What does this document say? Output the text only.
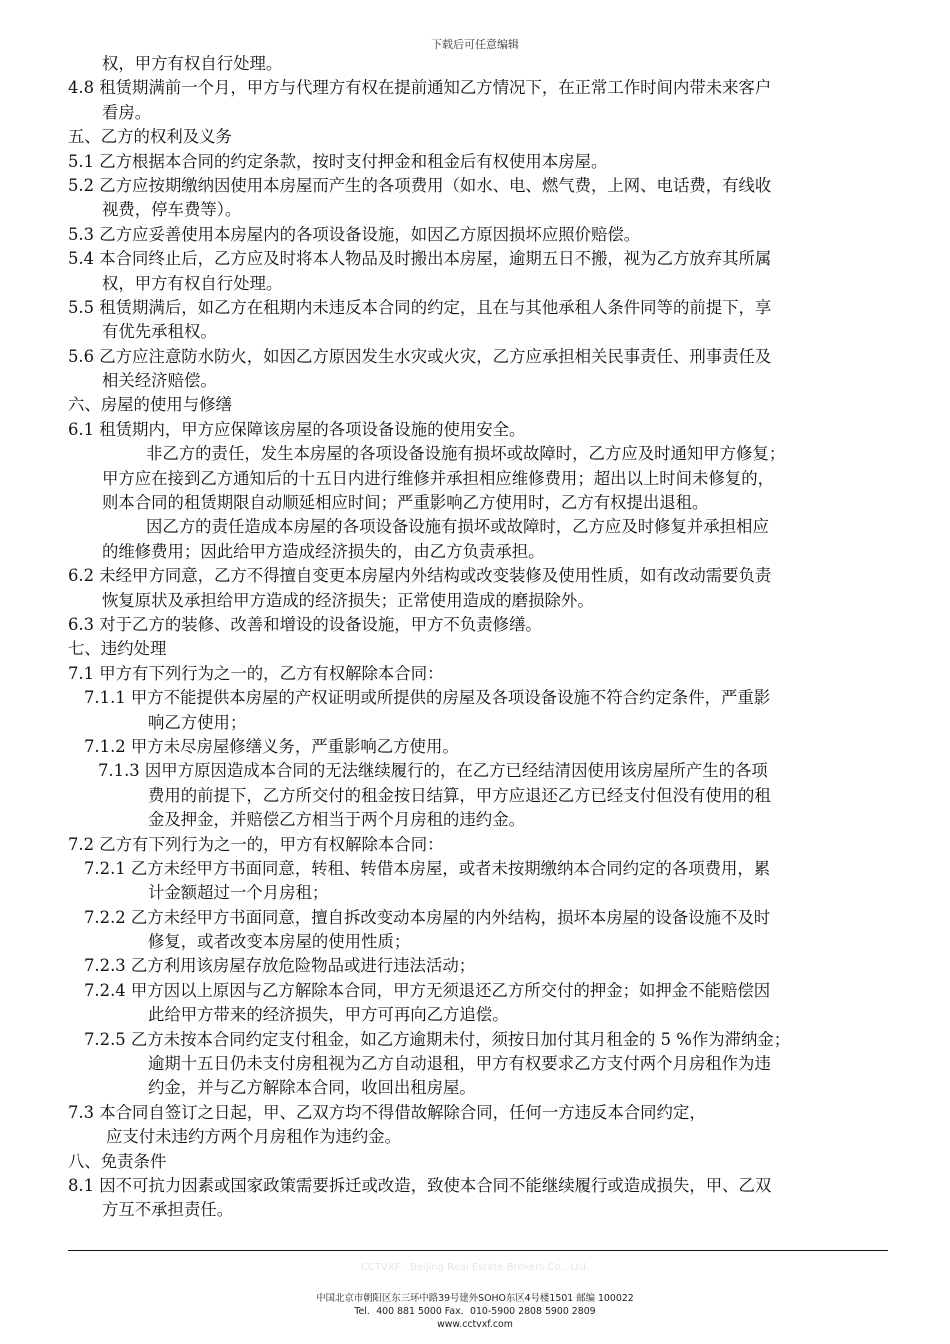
下载后可任意编辑
权，甲方有权自行处理。
4.8 租赁期满前一个月，甲方与代理方有权在提前通知乙方情况下，在正常工作时间内带未来客户
看房。
五、乙方的权利及义务
5.1 乙方根据本合同的约定条款，按时支付押金和租金后有权使用本房屋。
5.2 乙方应按期缴纳因使用本房屋而产生的各项费用（如水、电、燃气费，上网、电话费，有线收
视费，停车费等）。
5.3 乙方应妥善使用本房屋内的各项设备设施，如因乙方原因损坏应照价赔偿。
5.4 本合同终止后，乙方应及时将本人物品及时搬出本房屋，逾期五日不搬，视为乙方放弃其所属
权，甲方有权自行处理。
5.5 租赁期满后，如乙方在租期内未违反本合同的约定，且在与其他承租人条件同等的前提下，享
有优先承租权。
5.6 乙方应注意防水防火，如因乙方原因发生水灾或火灾，乙方应承担相关民事责任、刑事责任及
相关经济赔偿。
六、房屋的使用与修缮
6.1 租赁期内，甲方应保障该房屋的各项设备设施的使用安全。
非乙方的责任，发生本房屋的各项设备设施有损坏或故障时，乙方应及时通知甲方修复；
甲方应在接到乙方通知后的十五日内进行维修并承担相应维修费用；超出以上时间未修复的，
则本合同的租赁期限自动顺延相应时间；严重影响乙方使用时，乙方有权提出退租。
因乙方的责任造成本房屋的各项设备设施有损坏或故障时，乙方应及时修复并承担相应
的维修费用；因此给甲方造成经济损失的，由乙方负责承担。
6.2 未经甲方同意，乙方不得擅自变更本房屋内外结构或改变装修及使用性质，如有改动需要负责
恢复原状及承担给甲方造成的经济损失；正常使用造成的磨损除外。
6.3 对于乙方的装修、改善和增设的设备设施，甲方不负责修缮。
七、违约处理
7.1 甲方有下列行为之一的，乙方有权解除本合同：
7.1.1 甲方不能提供本房屋的产权证明或所提供的房屋及各项设备设施不符合约定条件，严重影
响乙方使用；
7.1.2 甲方未尽房屋修缮义务，严重影响乙方使用。
7.1.3 因甲方原因造成本合同的无法继续履行的，在乙方已经结清因使用该房屋所产生的各项
费用的前提下，乙方所交付的租金按日结算，甲方应退还乙方已经支付但没有使用的租
金及押金，并赔偿乙方相当于两个月房租的违约金。
7.2 乙方有下列行为之一的，甲方有权解除本合同：
7.2.1 乙方未经甲方书面同意，转租、转借本房屋，或者未按期缴纳本合同约定的各项费用，累
计金额超过一个月房租；
7.2.2 乙方未经甲方书面同意，擅自拆改变动本房屋的内外结构，损坏本房屋的设备设施不及时
修复，或者改变本房屋的使用性质；
7.2.3 乙方利用该房屋存放危险物品或进行违法活动；
7.2.4 甲方因以上原因与乙方解除本合同，甲方无须退还乙方所交付的押金；如押金不能赔偿因
此给甲方带来的经济损失，甲方可再向乙方追偿。
7.2.5 乙方未按本合同约定支付租金，如乙方逾期未付，须按日加付其月租金的 5 %作为滞纳金；
逾期十五日仍未支付房租视为乙方自动退租，甲方有权要求乙方支付两个月房租作为违
约金，并与乙方解除本合同，收回出租房屋。
7.3 本合同自签订之日起，甲、乙双方均不得借故解除合同，任何一方违反本合同约定，
应支付未违约方两个月房租作为违约金。
八、免责条件
8.1 因不可抗力因素或国家政策需要拆迁或改造，致使本合同不能继续履行或造成损失，甲、乙双
方互不承担责任。
CCTVXF · Beijing Real Estate Brokers Co., Ltd.
中国北京市朝阳区东三环中路39号建外SOHO东区4号楼1501 邮编 100022
Tel．400 881 5000 Fax．010-5900 2808 5900 2809
www.cctvxf.com
